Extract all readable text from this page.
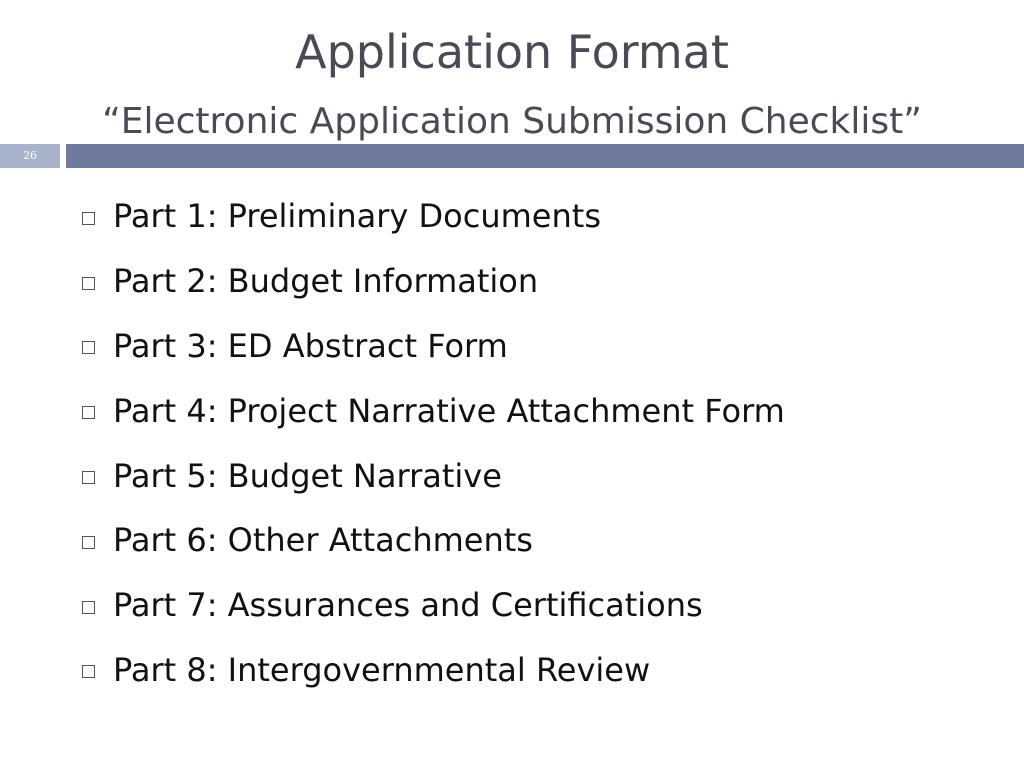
Application Format
“Electronic Application Submission Checklist”
26
Part 1: Preliminary Documents
Part 2: Budget Information
Part 3: ED Abstract Form
Part 4: Project Narrative Attachment Form
Part 5: Budget Narrative
Part 6: Other Attachments
Part 7: Assurances and Certifications
Part 8: Intergovernmental Review
